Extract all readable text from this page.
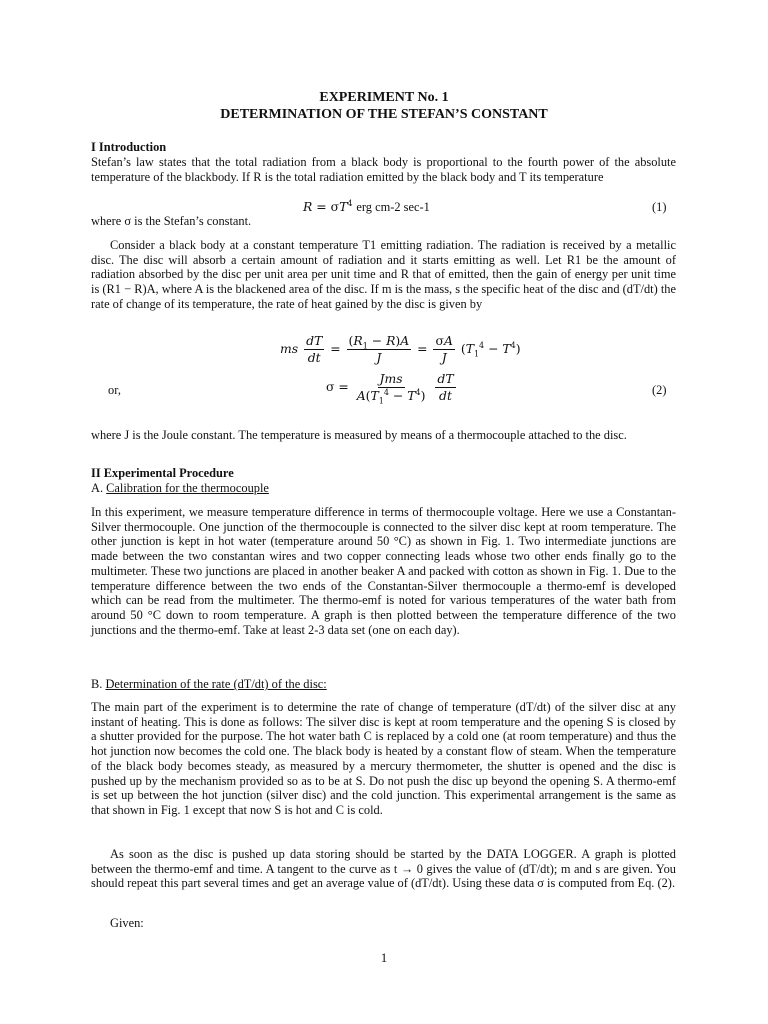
EXPERIMENT No. 1
DETERMINATION OF THE STEFAN’S CONSTANT
I Introduction

Stefan’s law states that the total radiation from a black body is proportional to the fourth power of the absolute temperature of the blackbody. If R is the total radiation emitted by the black body and T its temperature

$R = \sigma T^4$ erg cm-2 sec-1	(1)
where σ is the Stefan’s constant.

Consider a black body at a constant temperature T1 emitting radiation. The radiation is received by a metallic disc. The disc will absorb a certain amount of radiation and it starts emitting as well. Let R1 be the amount of radiation absorbed by the disc per unit area per unit time and R that of emitted, then the gain of energy per unit time is (R1 − R)A, where A is the blackened area of the disc. If m is the mass, s the specific heat of the disc and (dT/dt) the rate of change of its temperature, the rate of heat gained by the disc is given by

ms $\frac{dT}{dt} = \frac{(R_1 - R)A}{J} = \frac{\sigma A}{J} (T_1^4 - T^4)$
or,	$\sigma = \frac{\text{Jms}}{A(T_1^4 - T^4)}$
$\frac{dT}{dt}$	(2)

where J is the Joule constant. The temperature is measured by means of a thermocouple attached to the disc.

II Experimental Procedure
A. Calibration for the thermocouple

In this experiment, we measure temperature difference in terms of thermocouple voltage. Here we use a Constantan-Silver thermocouple. One junction of the thermocouple is connected to the silver disc kept at room temperature. The other junction is kept in hot water (temperature around 50 °C) as shown in Fig. 1. Two intermediate junctions are made between the two constantan wires and two copper connecting leads whose two other ends finally go to the multimeter. These two junctions are placed in another beaker A and packed with cotton as shown in Fig. 1. Due to the temperature difference between the two ends of the Constantan-Silver thermocouple a thermo-emf is developed which can be read from the multimeter. The thermo-emf is noted for various temperatures of the water bath from around 50 °C down to room temperature. A graph is then plotted between the temperature difference of the two junctions and the thermo-emf. Take at least 2-3 data set (one on each day).

B. Determination of the rate (dT/dt) of the disc:

The main part of the experiment is to determine the rate of change of temperature (dT/dt) of the silver disc at any instant of heating. This is done as follows: The silver disc is kept at room temperature and the opening S is closed by a shutter provided for the purpose. The hot water bath C is replaced by a cold one (at room temperature) and thus the hot junction now becomes the cold one. The black body is heated by a constant flow of steam. When the temperature of the black body becomes steady, as measured by a mercury thermometer, the shutter is opened and the disc is pushed up by the mechanism provided so as to be at S. Do not push the disc up beyond the opening S. A thermo-emf is set up between the hot junction (silver disc) and the cold junction. This experimental arrangement is the same as that shown in Fig. 1 except that now S is hot and C is cold.

As soon as the disc is pushed up data storing should be started by the DATA LOGGER. A graph is plotted between the thermo-emf and time. A tangent to the curve as t → 0 gives the value of (dT/dt); m and s are given. You should repeat this part several times and get an average value of (dT/dt). Using these data σ is computed from Eq. (2).

Given:
1
